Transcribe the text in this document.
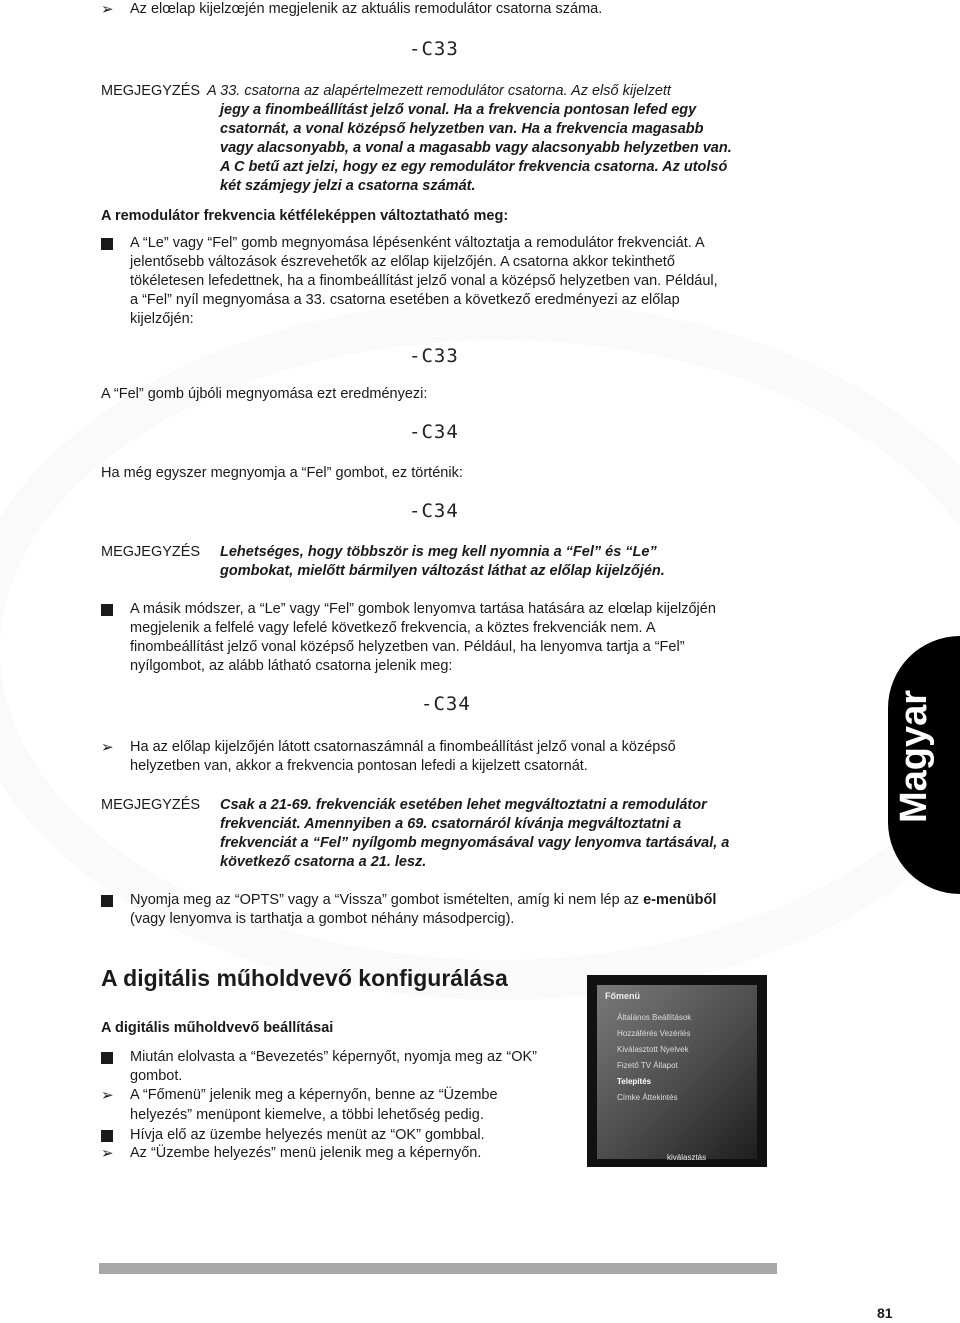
➢ Az elœlap kijelzœjén megjelenik az aktuális remodulátor csatorna száma.
-C33
MEGJEGYZÉS A 33. csatorna az alapértelmezett remodulátor csatorna. Az első kijelzett
jegy a finombeállítást jelző vonal. Ha a frekvencia pontosan lefed egy
csatornát, a vonal középső helyzetben van. Ha a frekvencia magasabb
vagy alacsonyabb, a vonal a magasabb vagy alacsonyabb helyzetben van.
A C betű azt jelzi, hogy ez egy remodulátor frekvencia csatorna. Az utolsó
két számjegy jelzi a csatorna számát.
A remodulátor frekvencia kétféleképpen változtatható meg:
A “Le” vagy “Fel” gomb megnyomása lépésenként változtatja a remodulátor frekvenciát. A
jelentősebb változások észrevehetők az előlap kijelzőjén. A csatorna akkor tekinthető
tökéletesen lefedettnek, ha a finombeállítást jelző vonal a középső helyzetben van. Például,
a “Fel” nyíl megnyomása a 33. csatorna esetében a következő eredményezi az előlap
kijelzőjén:
-C33
A “Fel” gomb újbóli megnyomása ezt eredményezi:
-C34
Ha még egyszer megnyomja a “Fel” gombot, ez történik:
-C34
MEGJEGYZÉS Lehetséges, hogy többször is meg kell nyomnia a “Fel” és “Le”
gombokat, mielőtt bármilyen változást láthat az előlap kijelzőjén.
A másik módszer, a “Le” vagy “Fel” gombok lenyomva tartása hatására az elœlap kijelzőjén
megjelenik a felfelé vagy lefelé következő frekvencia, a köztes frekvenciák nem. A
finombeállítást jelző vonal középső helyzetben van. Például, ha lenyomva tartja a “Fel”
nyílgombot, az alább látható csatorna jelenik meg:
-C34
➢ Ha az előlap kijelzőjén látott csatornaszámnál a finombeállítást jelző vonal a középső
helyzetben van, akkor a frekvencia pontosan lefedi a kijelzett csatornát.
MEGJEGYZÉS Csak a 21-69. frekvenciák esetében lehet megváltoztatni a remodulátor
frekvenciát. Amennyiben a 69. csatornáról kívánja megváltoztatni a
frekvenciát a “Fel” nyílgomb megnyomásával vagy lenyomva tartásával, a
következő csatorna a 21. lesz.
Nyomja meg az “OPTS” vagy a “Vissza” gombot ismételten, amíg ki nem lép az e-menüből
(vagy lenyomva is tarthatja a gombot néhány másodpercig).
Magyar
A digitális műholdvevő konfigurálása
A digitális műholdvevő beállításai
Miután elolvasta a “Bevezetés” képernyőt, nyomja meg az “OK”
gombot.
➢ A “Főmenü” jelenik meg a képernyőn, benne az “Üzembe
helyezés” menüpont kiemelve, a többi lehetőség pedig.
Hívja elő az üzembe helyezés menüt az “OK” gombbal.
➢ Az “Üzembe helyezés” menü jelenik meg a képernyőn.
Főmenü
Általános Beállítások
Hozzáférés Vezérlés
Kiválasztott Nyelvek
Fizető TV Állapot
Telepítés
Címke Áttekintés
kiválasztás
81
